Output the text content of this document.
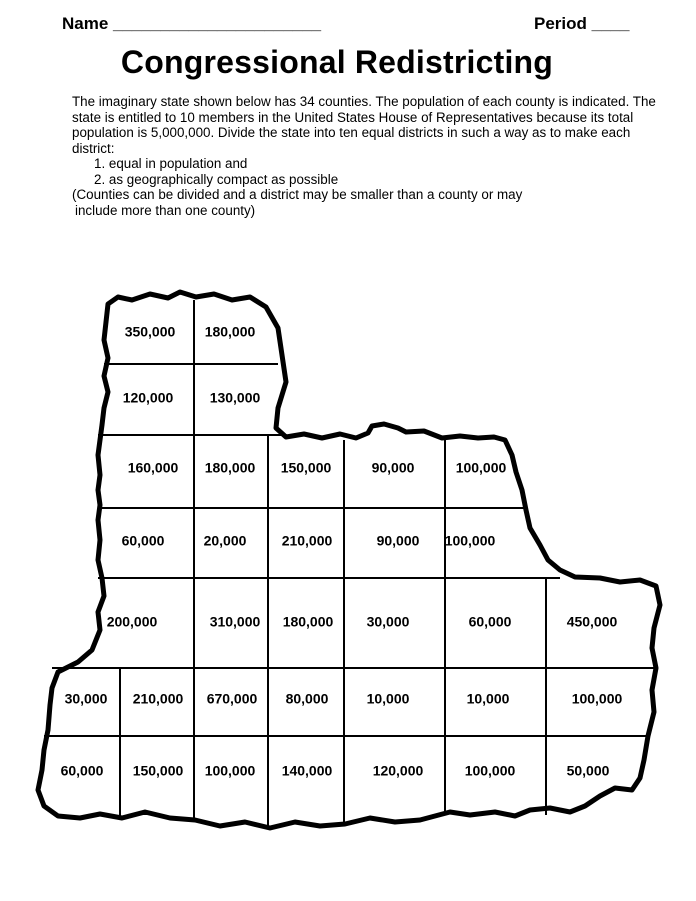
Name ______________________	Period ____
Congressional Redistricting

The imaginary state shown below has 34 counties. The population of each county is indicated. The state is entitled to 10 members in the United States House of Representatives because its total population is 5,000,000. Divide the state into ten equal districts in such a way as to make each district:

1. equal in population and
2. as geographically compact as possible
(Counties can be divided and a district may be smaller than a county or may
include more than one county)
350,000 180,000
120,000	130,000
160,000 180,000 150,000	90,000	100,000
60,000	20,000	210,000	90,000 100,000
200,000	310,000 180,000 30,000	60,000	450,000
30,000 210,000 670,000 80,000	10,000	10,000	100,000
60,000 150,000 100,000 140,000	120,000	100,000	50,000
